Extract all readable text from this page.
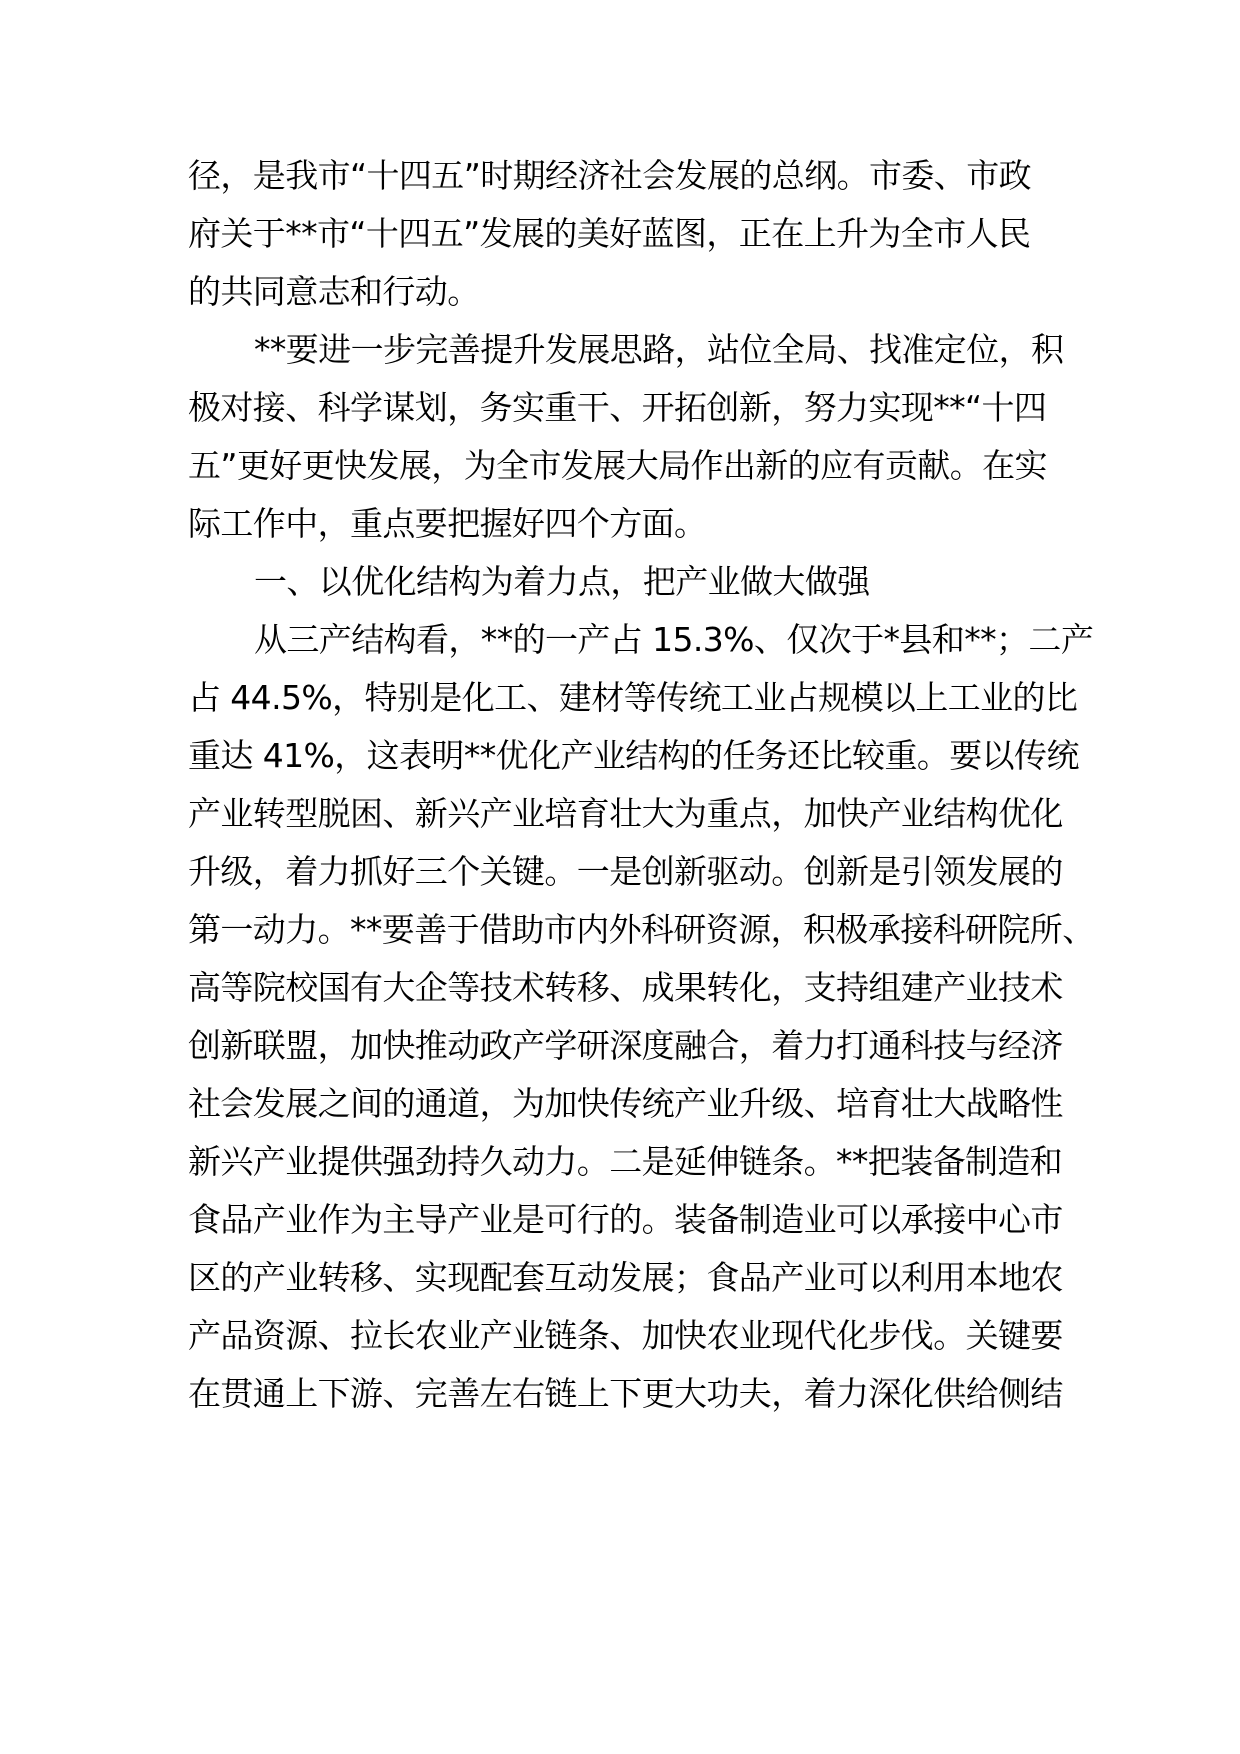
径，是我市“十四五”时期经济社会发展的总纲。市委、市政

府关于**市“十四五”发展的美好蓝图，正在上升为全市人民

的共同意志和行动。

**要进一步完善提升发展思路，站位全局、找准定位，积

极对接、科学谋划，务实重干、开拓创新，努力实现**“十四

五”更好更快发展，为全市发展大局作出新的应有贡献。在实

际工作中，重点要把握好四个方面。

一、以优化结构为着力点，把产业做大做强

从三产结构看，**的一产占 15.3%、仅次于*县和**；二产

占 44.5%，特别是化工、建材等传统工业占规模以上工业的比

重达 41%，这表明**优化产业结构的任务还比较重。要以传统

产业转型脱困、新兴产业培育壮大为重点，加快产业结构优化

升级，着力抓好三个关键。一是创新驱动。创新是引领发展的

第一动力。**要善于借助市内外科研资源，积极承接科研院所、

高等院校国有大企等技术转移、成果转化，支持组建产业技术

创新联盟，加快推动政产学研深度融合，着力打通科技与经济

社会发展之间的通道，为加快传统产业升级、培育壮大战略性

新兴产业提供强劲持久动力。二是延伸链条。**把装备制造和

食品产业作为主导产业是可行的。装备制造业可以承接中心市

区的产业转移、实现配套互动发展；食品产业可以利用本地农

产品资源、拉长农业产业链条、加快农业现代化步伐。关键要

在贯通上下游、完善左右链上下更大功夫，着力深化供给侧结
